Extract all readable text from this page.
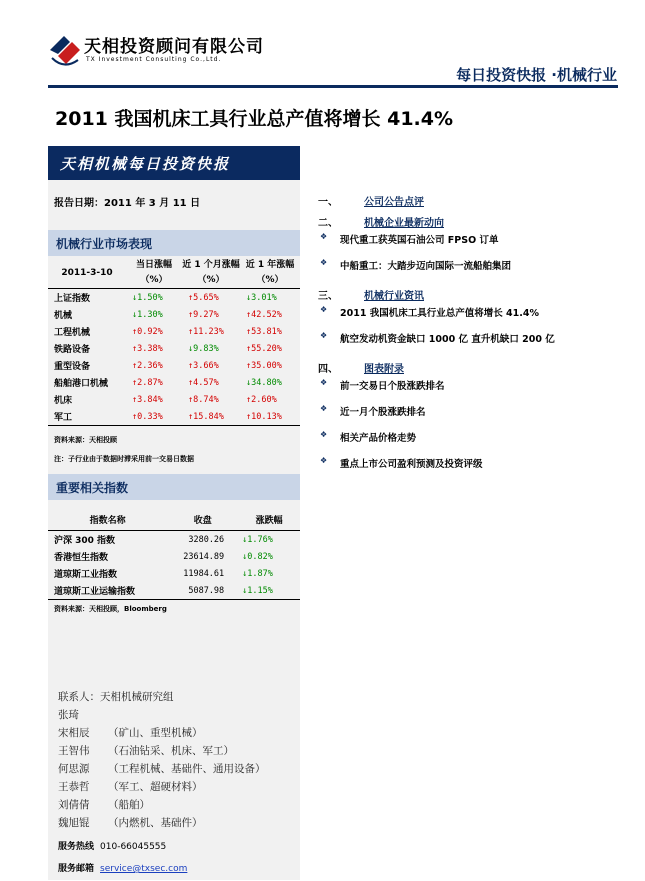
天相投资顾问有限公司
TX Investment Consulting Co.,Ltd.
每日投资快报 ·机械行业
2011 我国机床工具行业总产值将增长 41.4%
天相机械每日投资快报
报告日期：2011 年 3 月 11 日
机械行业市场表现
2011-3-10	当日涨幅（%）	近 1 个月涨幅（%）	近 1 年涨幅（%）
上证指数	↓1.50%	↑5.65%	↓3.01%
机械	↓1.30%	↑9.27%	↑42.52%
工程机械	↑0.92%	↑11.23%	↑53.81%
铁路设备	↑3.38%	↓9.83%	↑55.20%
重型设备	↑2.36%	↑3.66%	↑35.00%
船舶港口机械	↑2.87%	↑4.57%	↓34.80%
机床	↑3.84%	↑8.74%	↑2.60%
军工	↑0.33%	↑15.84%	↑10.13%
资料来源：天相投顾
注：子行业由于数据时滞采用前一交易日数据
重要相关指数
指数名称	收盘	涨跌幅
沪深 300 指数	3280.26	↓1.76%
香港恒生指数	23614.89	↓0.82%
道琼斯工业指数	11984.61	↓1.87%
道琼斯工业运输指数	5087.98	↓1.15%
资料来源：天相投顾，Bloomberg
联系人：天相机械研究组
张琦
宋相辰 （矿山、重型机械）
王智伟 （石油钻采、机床、军工）
何思源 （工程机械、基础件、通用设备）
王恭哲 （军工、超硬材料）
刘倩倩 （船舶）
魏旭锟 （内燃机、基础件）
服务热线 010-66045555
服务邮箱 service@txsec.com
一、	公司公告点评
二、	机械企业最新动向
❖ 现代重工获英国石油公司 FPSO 订单
❖ 中船重工：大踏步迈向国际一流船舶集团
三、	机械行业资讯
❖ 2011 我国机床工具行业总产值将增长 41.4%
❖ 航空发动机资金缺口 1000 亿 直升机缺口 200 亿
四、	图表附录
❖ 前一交易日个股涨跌排名
❖ 近一月个股涨跌排名
❖ 相关产品价格走势
❖ 重点上市公司盈利预测及投资评级
